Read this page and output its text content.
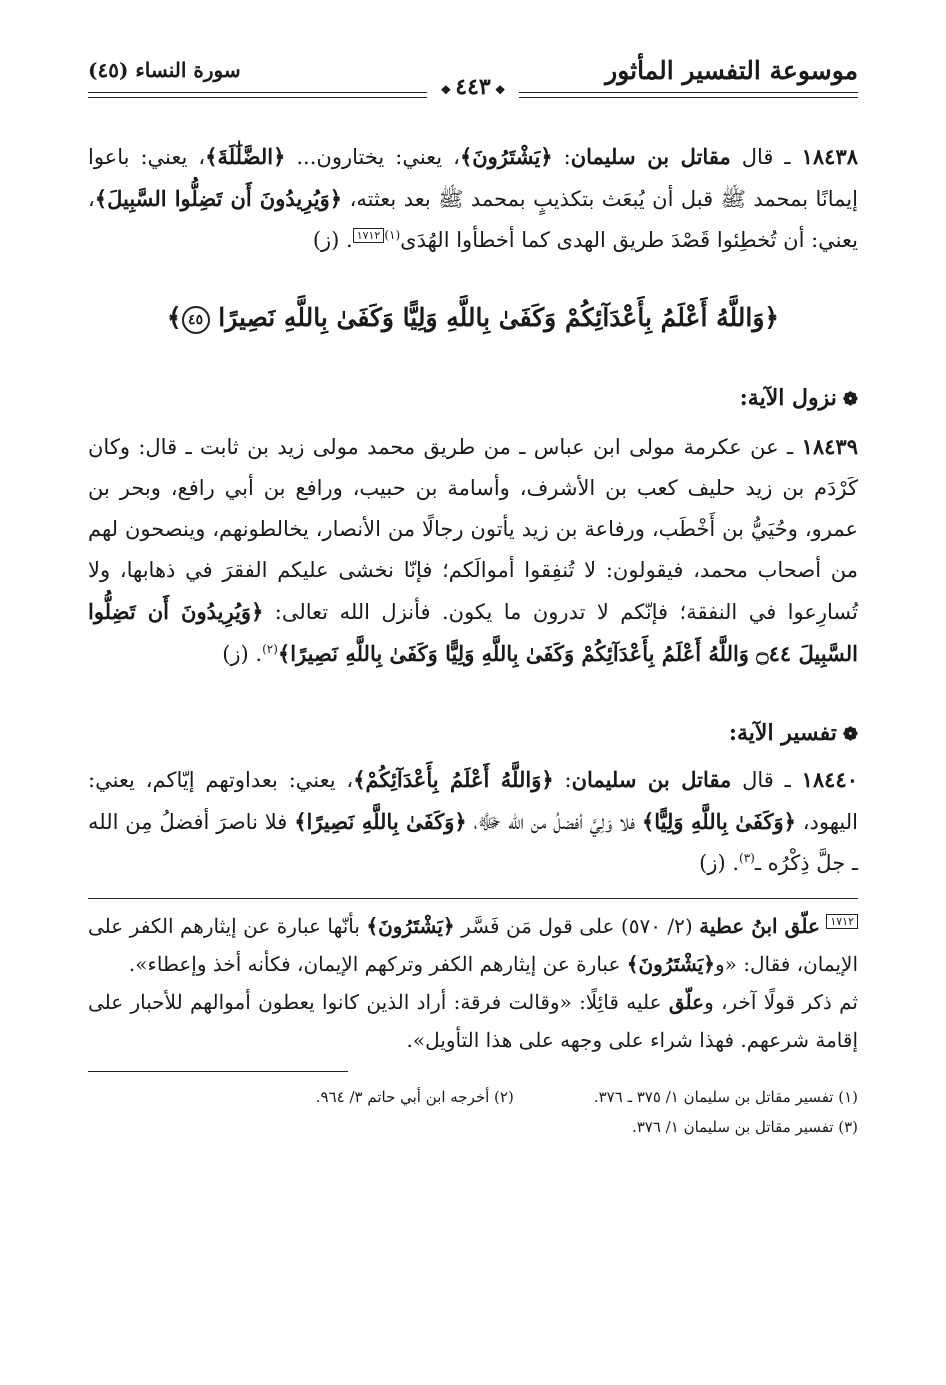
موسوعة التفسير المأثور
سورة النساء (٤٥)
❖٤٤٣❖

١٨٤٣٨ ـ قال مقاتل بن سليمان: ﴿يَشْتَرُونَ﴾، يعني: يختارون... ﴿الضَّلَٰلَةَ﴾، يعني: باعوا إيمانًا بمحمد ﷺ قبل أن يُبعَث بتكذيبٍ بمحمد ﷺ بعد بعثته، ﴿وَيُرِيدُونَ أَن تَضِلُّوا السَّبِيلَ﴾، يعني: أن تُخطِئوا قَصْدَ طريق الهدى كما أخطأوا الهُدَى$^{(١)}$١٧١٢. (ز)

﴿وَاللَّهُ أَعْلَمُ بِأَعْدَآئِكُمْ وَكَفَىٰ بِاللَّهِ وَلِيًّا وَكَفَىٰ بِاللَّهِ نَصِيرًا ٤٥﴾
❁نزول الآية:

١٨٤٣٩ ـ عن عكرمة مولى ابن عباس ـ من طريق محمد مولى زيد بن ثابت ـ قال: وكان كَرْدَم بن زيد حليف كعب بن الأشرف، وأسامة بن حبيب، ورافع بن أبي رافع، وبحر بن عمرو، وحُيَيُّ بن أَخْطَب، ورفاعة بن زيد يأتون رجالًا من الأنصار، يخالطونهم، وينصحون لهم من أصحاب محمد، فيقولون: لا تُنفِقوا أموالَكم؛ فإنّا نخشى عليكم الفقرَ في ذهابها، ولا تُسارِعوا في النفقة؛ فإنّكم لا تدرون ما يكون. فأنزل الله تعالى: ﴿وَيُرِيدُونَ أَن تَضِلُّوا السَّبِيلَ ۝٤٤ وَاللَّهُ أَعْلَمُ بِأَعْدَآئِكُمْ وَكَفَىٰ بِاللَّهِ وَلِيًّا وَكَفَىٰ بِاللَّهِ نَصِيرًا﴾$^{(٢)}$. (ز)

❁تفسير الآية:

١٨٤٤٠ ـ قال مقاتل بن سليمان: ﴿وَاللَّهُ أَعْلَمُ بِأَعْدَآئِكُمْ﴾، يعني: بعداوتهم إيّاكم، يعني: اليهود، ﴿وَكَفَىٰ بِاللَّهِ وَلِيًّا﴾ فلا وَلِيَّ أفضلُ من الله ﷻ، ﴿وَكَفَىٰ بِاللَّهِ نَصِيرًا﴾ فلا ناصرَ أفضلُ مِن الله ـ جلَّ ذِكْرُه ـ$^{(٣)}$. (ز)

١٧١٢ علّق ابنُ عطية (٢/ ٥٧٠) على قول مَن فَسَّر ﴿يَشْتَرُونَ﴾ بأنّها عبارة عن إيثارهم الكفر على الإيمان، فقال: «و﴿يَشْتَرُونَ﴾ عبارة عن إيثارهم الكفر وتركهم الإيمان، فكأنه أخذ وإعطاء».

ثم ذكر قولًا آخر، وعلّق عليه قائِلًا: «وقالت فرقة: أراد الذين كانوا يعطون أموالهم للأحبار على إقامة شرعهم. فهذا شراء على وجهه على هذا التأويل».

(١) تفسير مقاتل بن سليمان ١/ ٣٧٥ ـ ٣٧٦.
(٢) أخرجه ابن أبي حاتم ٣/ ٩٦٤.
(٣) تفسير مقاتل بن سليمان ١/ ٣٧٦.
